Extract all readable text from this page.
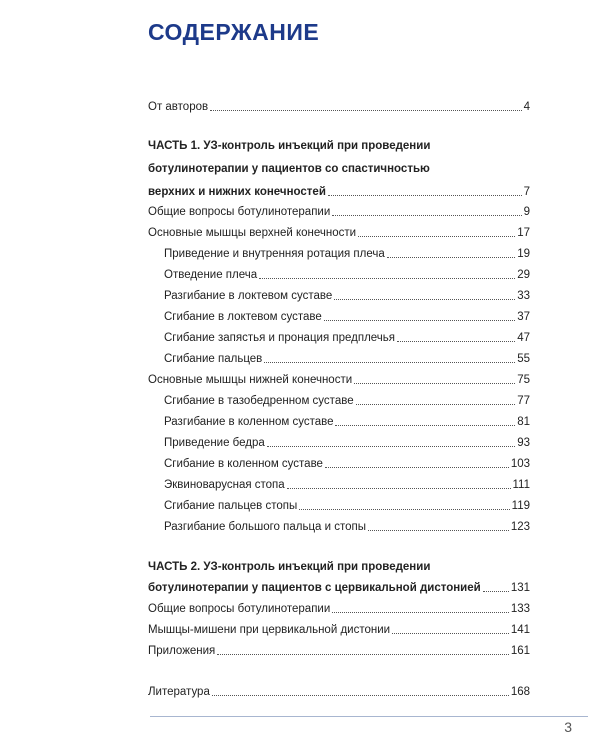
СОДЕРЖАНИЕ
От авторов	4
ЧАСТЬ 1. УЗ-контроль инъекций при проведении
ботулинотерапии у пациентов со спастичностью
верхних и нижних конечностей	7
Общие вопросы ботулинотерапии	9
Основные мышцы верхней конечности	17
Приведение и внутренняя ротация плеча	19
Отведение плеча	29
Разгибание в локтевом суставе	33
Сгибание в локтевом суставе	37
Сгибание запястья и пронация предплечья	47
Сгибание пальцев	55
Основные мышцы нижней конечности	75
Сгибание в тазобедренном суставе	77
Разгибание в коленном суставе	81
Приведение бедра	93
Сгибание в коленном суставе	103
Эквиноварусная стопа	111
Сгибание пальцев стопы	119
Разгибание большого пальца и стопы	123
ЧАСТЬ 2. УЗ-контроль инъекций при проведении
ботулинотерапии у пациентов с цервикальной дистонией	131
Общие вопросы ботулинотерапии	133
Мышцы-мишени при цервикальной дистонии	141
Приложения	161
Литература	168
3
